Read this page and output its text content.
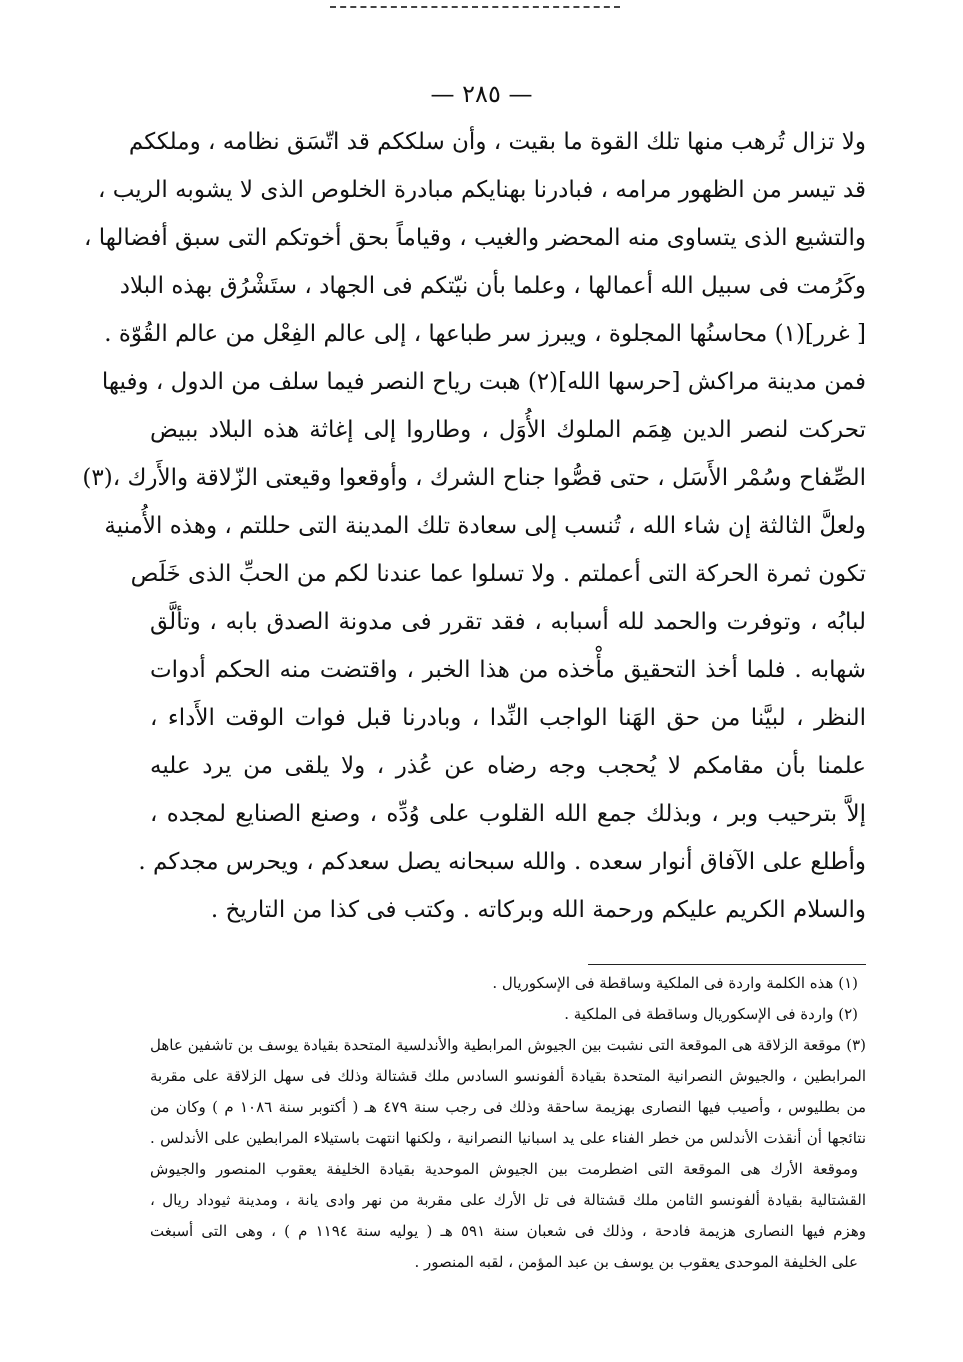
— ٢٨٥ —
ولا تزال تُرهب منها تلك القوة ما بقيت ، وأن سلككم قد اتّسَق نظامه ، وملككم
قد تيسر من الظهور مرامه ، فبادرنا بهنايكم مبادرة الخلوص الذى لا يشوبه الريب ،
والتشيع الذى يتساوى منه المحضر والغيب ، وقياماً بحق أخوتكم التى سبق أفضالها ،
وكَرُمت فى سبيل الله أعمالها ، وعلما بأن نيّتكم فى الجهاد ، ستَشْرُق بهذه البلاد
[ غرر](١) محاسنُها المجلوة ، ويبرز سر طباعها ، إلى عالم الفِعْل من عالم القُوّة .
فمن مدينة مراكش [حرسها الله](٢) هبت رياح النصر فيما سلف من الدول ، وفيها
تحركت لنصر الدين هِمَم الملوك الأُوَل ، وطاروا إلى إغاثة هذه البلاد ببيض
الصِّفاح وسُمْر الأَسَل ، حتى قصُّوا جناح الشرك ، وأوقعوا وقيعتى الزّلاقة والأَرك ،(٣)
ولعلَّ الثالثة إن شاء الله ، تُنسب إلى سعادة تلك المدينة التى حللتم ، وهذه الأُمنية
تكون ثمرة الحركة التى أعملتم . ولا تسلوا عما عندنا لكم من الحبِّ الذى خَلَص
لبابُه ، وتوفرت والحمد لله أسبابه ، فقد تقرر فى مدونة الصدق بابه ، وتألَّق
شهابه . فلما أخذ التحقيق مأْخذه من هذا الخبر ، واقتضت منه الحكم أدوات
النظر ، لبيَّنا من حق الهَنا الواجب النِّدا ، وبادرنا قبل فوات الوقت الأَداء ،
علمنا بأن مقامكم لا يُحجب وجه رضاه عن عُذر ، ولا يلقى من يرد عليه
إلاَّ بترحيب وبر ، وبذلك جمع الله القلوب على وُدِّه ، وصنع الصنايع لمجده ،
وأطلع على الآفاق أنوار سعده . والله سبحانه يصل سعدكم ، ويحرس مجدكم .
والسلام الكريم عليكم ورحمة الله وبركاته . وكتب فى كذا من التاريخ .
(١) هذه الكلمة واردة فى الملكية وساقطة فى الإسكوريال .
(٢) واردة فى الإسكوريال وساقطة فى الملكية .
(٣) موقعة الزلاقة هى الموقعة التى نشبت بين الجيوش المرابطية والأندلسية المتحدة بقيادة يوسف بن تاشفين عاهل
المرابطين ، والجيوش النصرانية المتحدة بقيادة ألفونسو السادس ملك قشتالة وذلك فى سهل الزلاقة على مقربة
من بطليوس ، وأصيب فيها النصارى بهزيمة ساحقة وذلك فى رجب سنة ٤٧٩ هـ ( أكتوبر سنة ١٠٨٦ م ) وكان من
نتائجها أن أنقذت الأندلس من خطر الفناء على يد اسبانيا النصرانية ، ولكنها انتهت باستيلاء المرابطين على الأندلس .
وموقعة الأرك هى الموقعة التى اضطرمت بين الجيوش الموحدية بقيادة الخليفة يعقوب المنصور والجيوش
القشتالية بقيادة ألفونسو الثامن ملك قشتالة فى تل الأرك على مقربة من نهر وادى يانة ، ومدينة ثيوداد ريال ،
وهزم فيها النصارى هزيمة فادحة ، وذلك فى شعبان سنة ٥٩١ هـ ( يوليه سنة ١١٩٤ م ) ، وهى التى أسبغت
على الخليفة الموحدى يعقوب بن يوسف بن عبد المؤمن ، لقبه المنصور .
